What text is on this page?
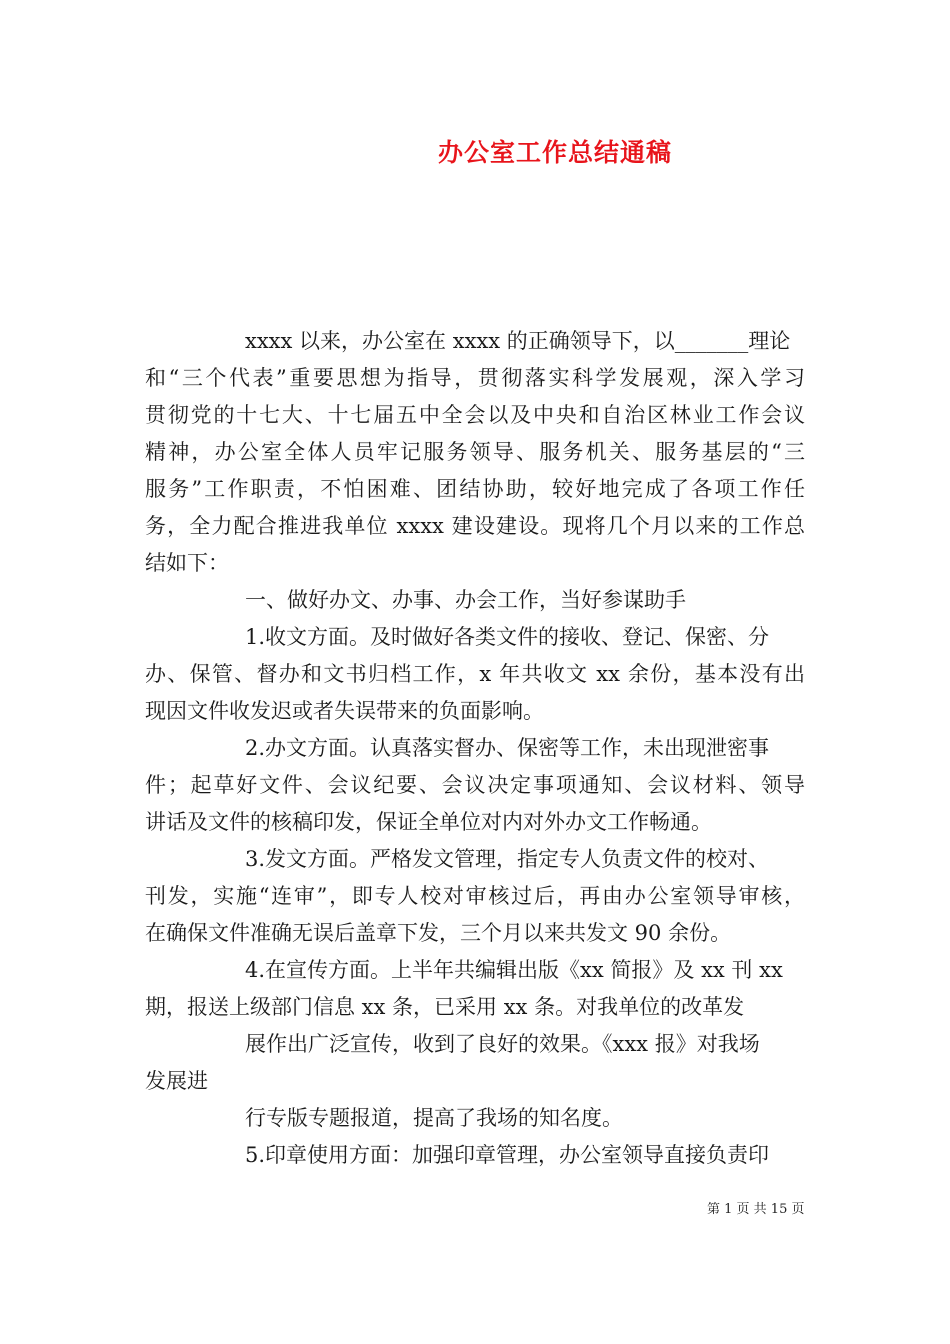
办公室工作总结通稿
xxxx 以来，办公室在 xxxx 的正确领导下，以_______理论
和“三个代表”重要思想为指导，贯彻落实科学发展观，深入学习
贯彻党的十七大、十七届五中全会以及中央和自治区林业工作会议
精神，办公室全体人员牢记服务领导、服务机关、服务基层的“三
服务”工作职责，不怕困难、团结协助，较好地完成了各项工作任
务，全力配合推进我单位 xxxx 建设建设。现将几个月以来的工作总
结如下：
一、做好办文、办事、办会工作，当好参谋助手
1.收文方面。及时做好各类文件的接收、登记、保密、分
办、保管、督办和文书归档工作，x 年共收文 xx 余份，基本没有出
现因文件收发迟或者失误带来的负面影响。
2.办文方面。认真落实督办、保密等工作，未出现泄密事
件；起草好文件、会议纪要、会议决定事项通知、会议材料、领导
讲话及文件的核稿印发，保证全单位对内对外办文工作畅通。
3.发文方面。严格发文管理，指定专人负责文件的校对、
刊发，实施“连审”，即专人校对审核过后，再由办公室领导审核，
在确保文件准确无误后盖章下发，三个月以来共发文 90 余份。
4.在宣传方面。上半年共编辑出版《xx 简报》及 xx 刊 xx
期，报送上级部门信息 xx 条，已采用 xx 条。对我单位的改革发
展作出广泛宣传，收到了良好的效果。《xxx 报》对我场
发展进
行专版专题报道，提高了我场的知名度。
5.印章使用方面：加强印章管理，办公室领导直接负责印
第 1 页 共 15 页
